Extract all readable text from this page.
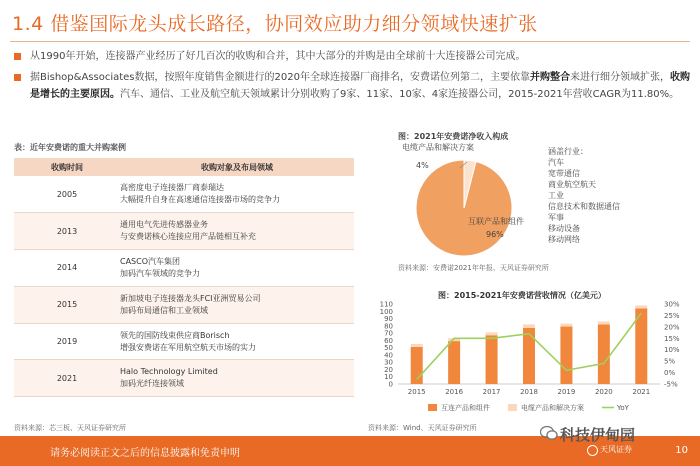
1.4 借鉴国际龙头成长路径，协同效应助力细分领域快速扩张
从1990年开始，连接器产业经历了好几百次的收购和合并，其中大部分的并购是由全球前十大连接器公司完成。
据Bishop&Associates数据，按照年度销售金额进行的2020年全球连接器厂商排名，安费诺位列第二，主要依靠并购整合来进行细分领域扩张，收购是增长的主要原因。汽车、通信、工业及航空航天领域累计分别收购了9家、11家、10家、4家连接器公司，2015-2021年营收CAGR为11.80%。
表：近年安费诺的重大并购案例
收购时间	收购对象及布局领域
2005	高密度电子连接器厂商泰瑞达
大幅提升自身在高速通信连接器市场的竞争力

2013	通用电气先进传感器业务
与安费诺核心连接应用产品链相互补充

2014	CASCO汽车集团
加码汽车领域的竞争力

2015	新加坡电子连接器龙头FCI亚洲贸易公司
加码布局通信和工业领域

2019	领先的国防线束供应商Borisch
增强安费诺在军用航空航天市场的实力

2021	Halo Technology Limited
加码光纤连接领域
资料来源：芯三板、天风证券研究所
图：2021年安费诺净收入构成
电缆产品和解决方案
4%
互联产品和组件
96%
涵盖行业：
汽车
宽带通信
商业航空航天
工业
信息技术和数据通信
军事
移动设备
移动网络
资料来源：安费诺2021年年报、天风证券研究所
图：2015-2021年安费诺营收情况（亿美元）
0
10
20
30
40
50
60
70
80
90
100
110
-5%
0%
5%
10%
15%
20%
25%
30%
2015	2016	2017	2018	2019	2020	2021
互连产品和组件	电缆产品和解决方案	YoY
资料来源：Wind、天风证券研究所
请务必阅读正文之后的信息披露和免责申明	10
科技伊甸园
天风证券
